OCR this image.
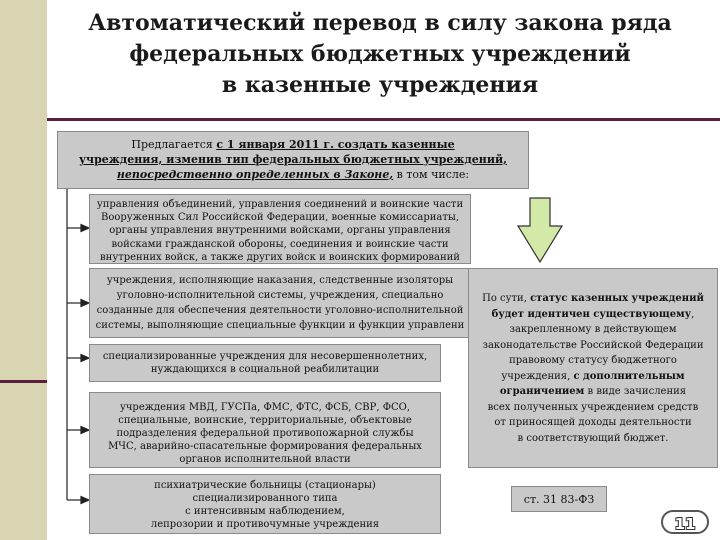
Автоматический перевод в силу закона ряда
федеральных бюджетных учреждений
в казенные учреждения
Предлагается с 1 января 2011 г. создать казенные
учреждения, изменив тип федеральных бюджетных учреждений,
непосредственно определенных в Законе, в том числе:
управления объединений, управления соединений и воинские части
Вооруженных Сил Российской Федерации, военные комиссариаты,
органы управления внутренними войсками, органы управления
войсками гражданской обороны, соединения и воинские части
внутренних войск, а также других войск и воинских формирований
учреждения, исполняющие наказания, следственные изоляторы
уголовно-исполнительной системы, учреждения, специально
созданные для обеспечения деятельности уголовно-исполнительной
системы, выполняющие специальные функции и функции управлени
специализированные учреждения для несовершеннолетних,
нуждающихся в социальной реабилитации
учреждения МВД, ГУСПа, ФМС, ФТС, ФСБ, СВР, ФСО,
специальные, воинские, территориальные, объектовые
подразделения федеральной противопожарной службы
МЧС, аварийно-спасательные формирования федеральных
органов исполнительной власти
психиатрические больницы (стационары)
специализированного типа
с интенсивным наблюдением,
лепрозории и противочумные учреждения
По сути, статус казенных учреждений
будет идентичен существующему,
закрепленному в действующем
законодательстве Российской Федерации
правовому статусу бюджетного
учреждения, с дополнительным
ограничением в виде зачисления
всех полученных учреждением средств
от приносящей доходы деятельности
в соответствующий бюджет.
ст. 31 83-ФЗ
11
